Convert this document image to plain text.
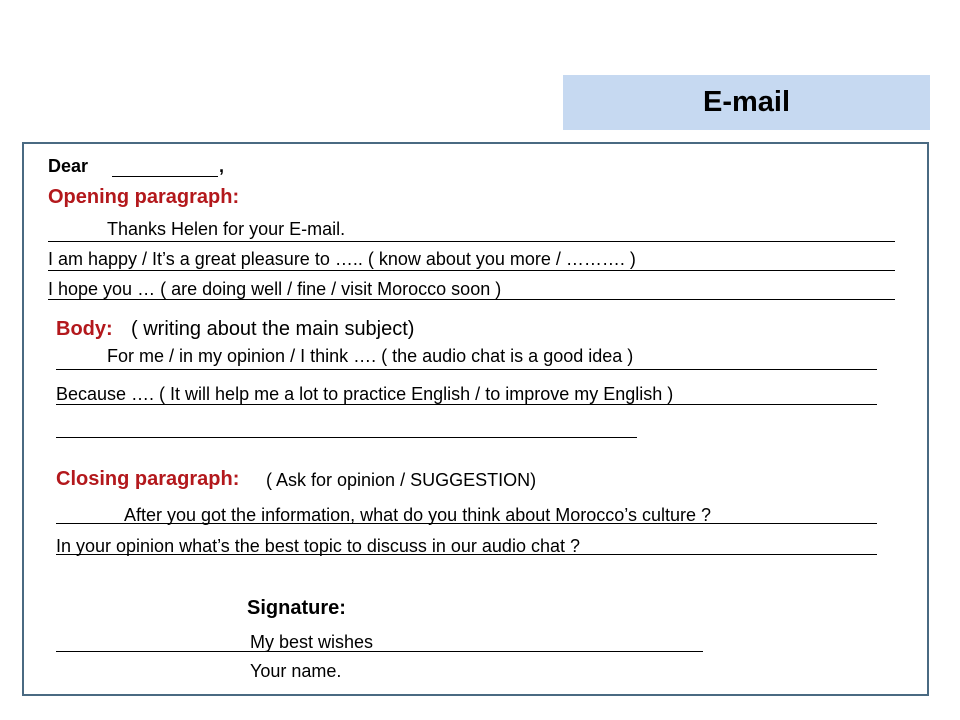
E-mail
Dear	,
Opening paragraph:
Thanks Helen for your E-mail.
I am happy / It’s a great pleasure to ….. ( know about you more / ………. )
I hope you … ( are doing well / fine / visit Morocco soon )
Body: ( writing about the main subject)
For me / in my opinion / I think …. ( the audio chat is a good idea )
Because …. ( It will help me a lot to practice English / to improve my English )
Closing paragraph: ( Ask for opinion / SUGGESTION)
After you got the information, what do you think about Morocco’s culture ?
In your opinion what’s the best topic to discuss in our audio chat ?
Signature:
My best wishes
Your name.
